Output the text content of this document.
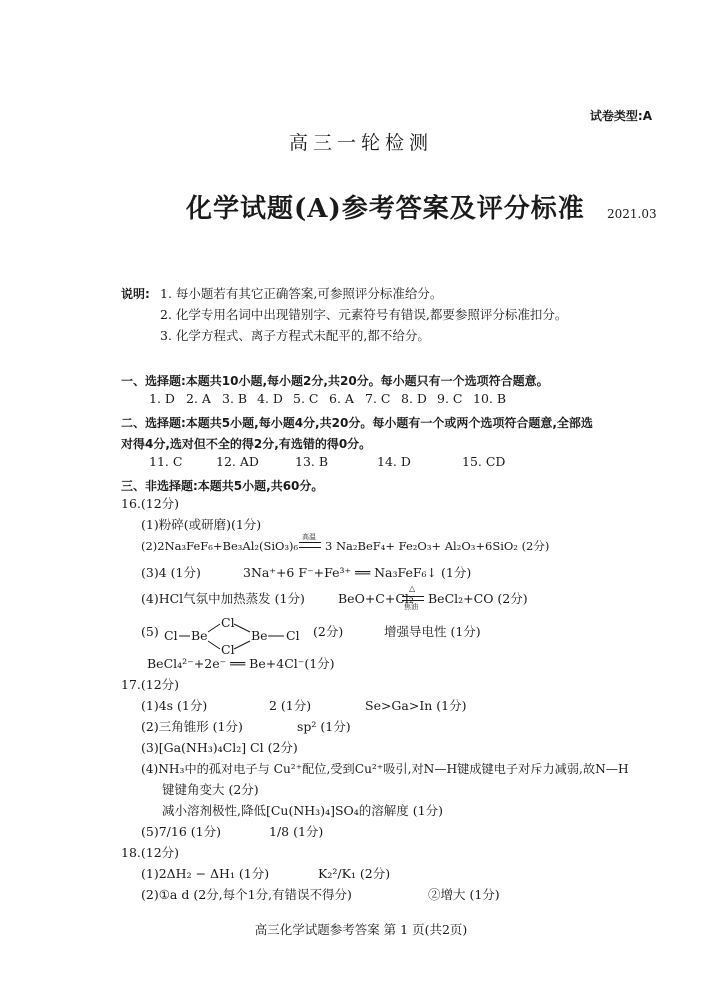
试卷类型:A
高三一轮检测
化学试题(A)参考答案及评分标准 2021.03
说明: 1. 每小题若有其它正确答案,可参照评分标准给分。
2. 化学专用名词中出现错别字、元素符号有错误,都要参照评分标准扣分。
3. 化学方程式、离子方程式未配平的,都不给分。
一、选择题:本题共10小题,每小题2分,共20分。每小题只有一个选项符合题意。
1. D 2. A 3. B 4. D 5. C 6. A 7. C 8. D 9. C 10. B
二、选择题:本题共5小题,每小题4分,共20分。每小题有一个或两个选项符合题意,全部选
对得4分,选对但不全的得2分,有选错的得0分。
11. C	12. AD	13. B	14. D	15. CD
三、非选择题:本题共5小题,共60分。
16.(12分)
(1)粉碎(或研磨)(1分)
(2)2Na₃FeF₆+Be₃Al₂(SiO₃)₆
高温
3 Na₂BeF₄+ Fe₂O₃+ Al₂O₃+6SiO₂ (2分)
(3)4 (1分)	3Na⁺+6 F⁻+Fe³⁺ ══ Na₃FeF₆↓ (1分)
(4)HCl气氛中加热蒸发 (1分)	BeO+C+Cl₂
△
焦油
BeCl₂+CO (2分)
(5) Cl Be
Cl
Cl
Be Cl (2分)	增强导电性 (1分)
BeCl₄²⁻+2e⁻ ══ Be+4Cl⁻(1分)
17.(12分)
(1)4s (1分)	2 (1分)	Se>Ga>In (1分)
(2)三角锥形 (1分)	sp² (1分)
(3)[Ga(NH₃)₄Cl₂] Cl (2分)
(4)NH₃中的孤对电子与 Cu²⁺配位,受到Cu²⁺吸引,对N—H键成键电子对斥力减弱,故N—H
键键角变大 (2分)
减小溶剂极性,降低[Cu(NH₃)₄]SO₄的溶解度 (1分)
(5)7/16 (1分)	1/8 (1分)
18.(12分)
(1)2ΔH₂ − ΔH₁ (1分)	K₂²/K₁ (2分)
(2)①a d (2分,每个1分,有错误不得分)	②增大 (1分)
高三化学试题参考答案 第 1 页(共2页)
